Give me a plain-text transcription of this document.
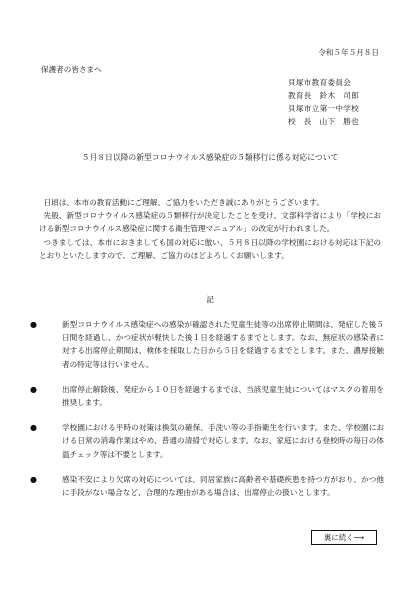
令和５年５月８日
保護者の皆さまへ
貝塚市教育委員会
教育長　鈴木　司郎
貝塚市立第一中学校
校　長　山下　勝也
５月８日以降の新型コロナウイルス感染症の５類移行に係る対応について

日頃は、本市の教育活動にご理解、ご協力をいただき誠にありがとうございます。

先般、新型コロナウイルス感染症の５類移行が決定したことを受け、文部科学省により「学校における新型コロナウイルス感染症に関する衛生管理マニュアル」の改定が行われました。

つきましては、本市におきましても国の対応に倣い、５月８日以降の学校園における対応は下記のとおりといたしますので、ご理解、ご協力のほどよろしくお願いします。

記
●	新型コロナウイルス感染症への感染が確認された児童生徒等の出席停止期間は、発症した後５日間を経過し、かつ症状が軽快した後１日を経過するまでとします。なお、無症状の感染者に対する出席停止期間は、検体を採取した日から５日を経過するまでとします。また、濃厚接触者の特定等は行いません。
●	出席停止解除後、発症から１０日を経過するまでは、当該児童生徒についてはマスクの着用を推奨します。
●	学校園における平時の対策は換気の確保、手洗い等の手指衛生を行います。また、学校園における日常の消毒作業はやめ、普通の清掃で対応します。なお、家庭における登校時の毎日の体温チェック等は不要とします。
●	感染不安により欠席の対応については、同居家族に高齢者や基礎疾患を持つ方がおり、かつ他に手段がない場合など、合理的な理由がある場合は、出席停止の扱いとします。
裏に続く⟶
